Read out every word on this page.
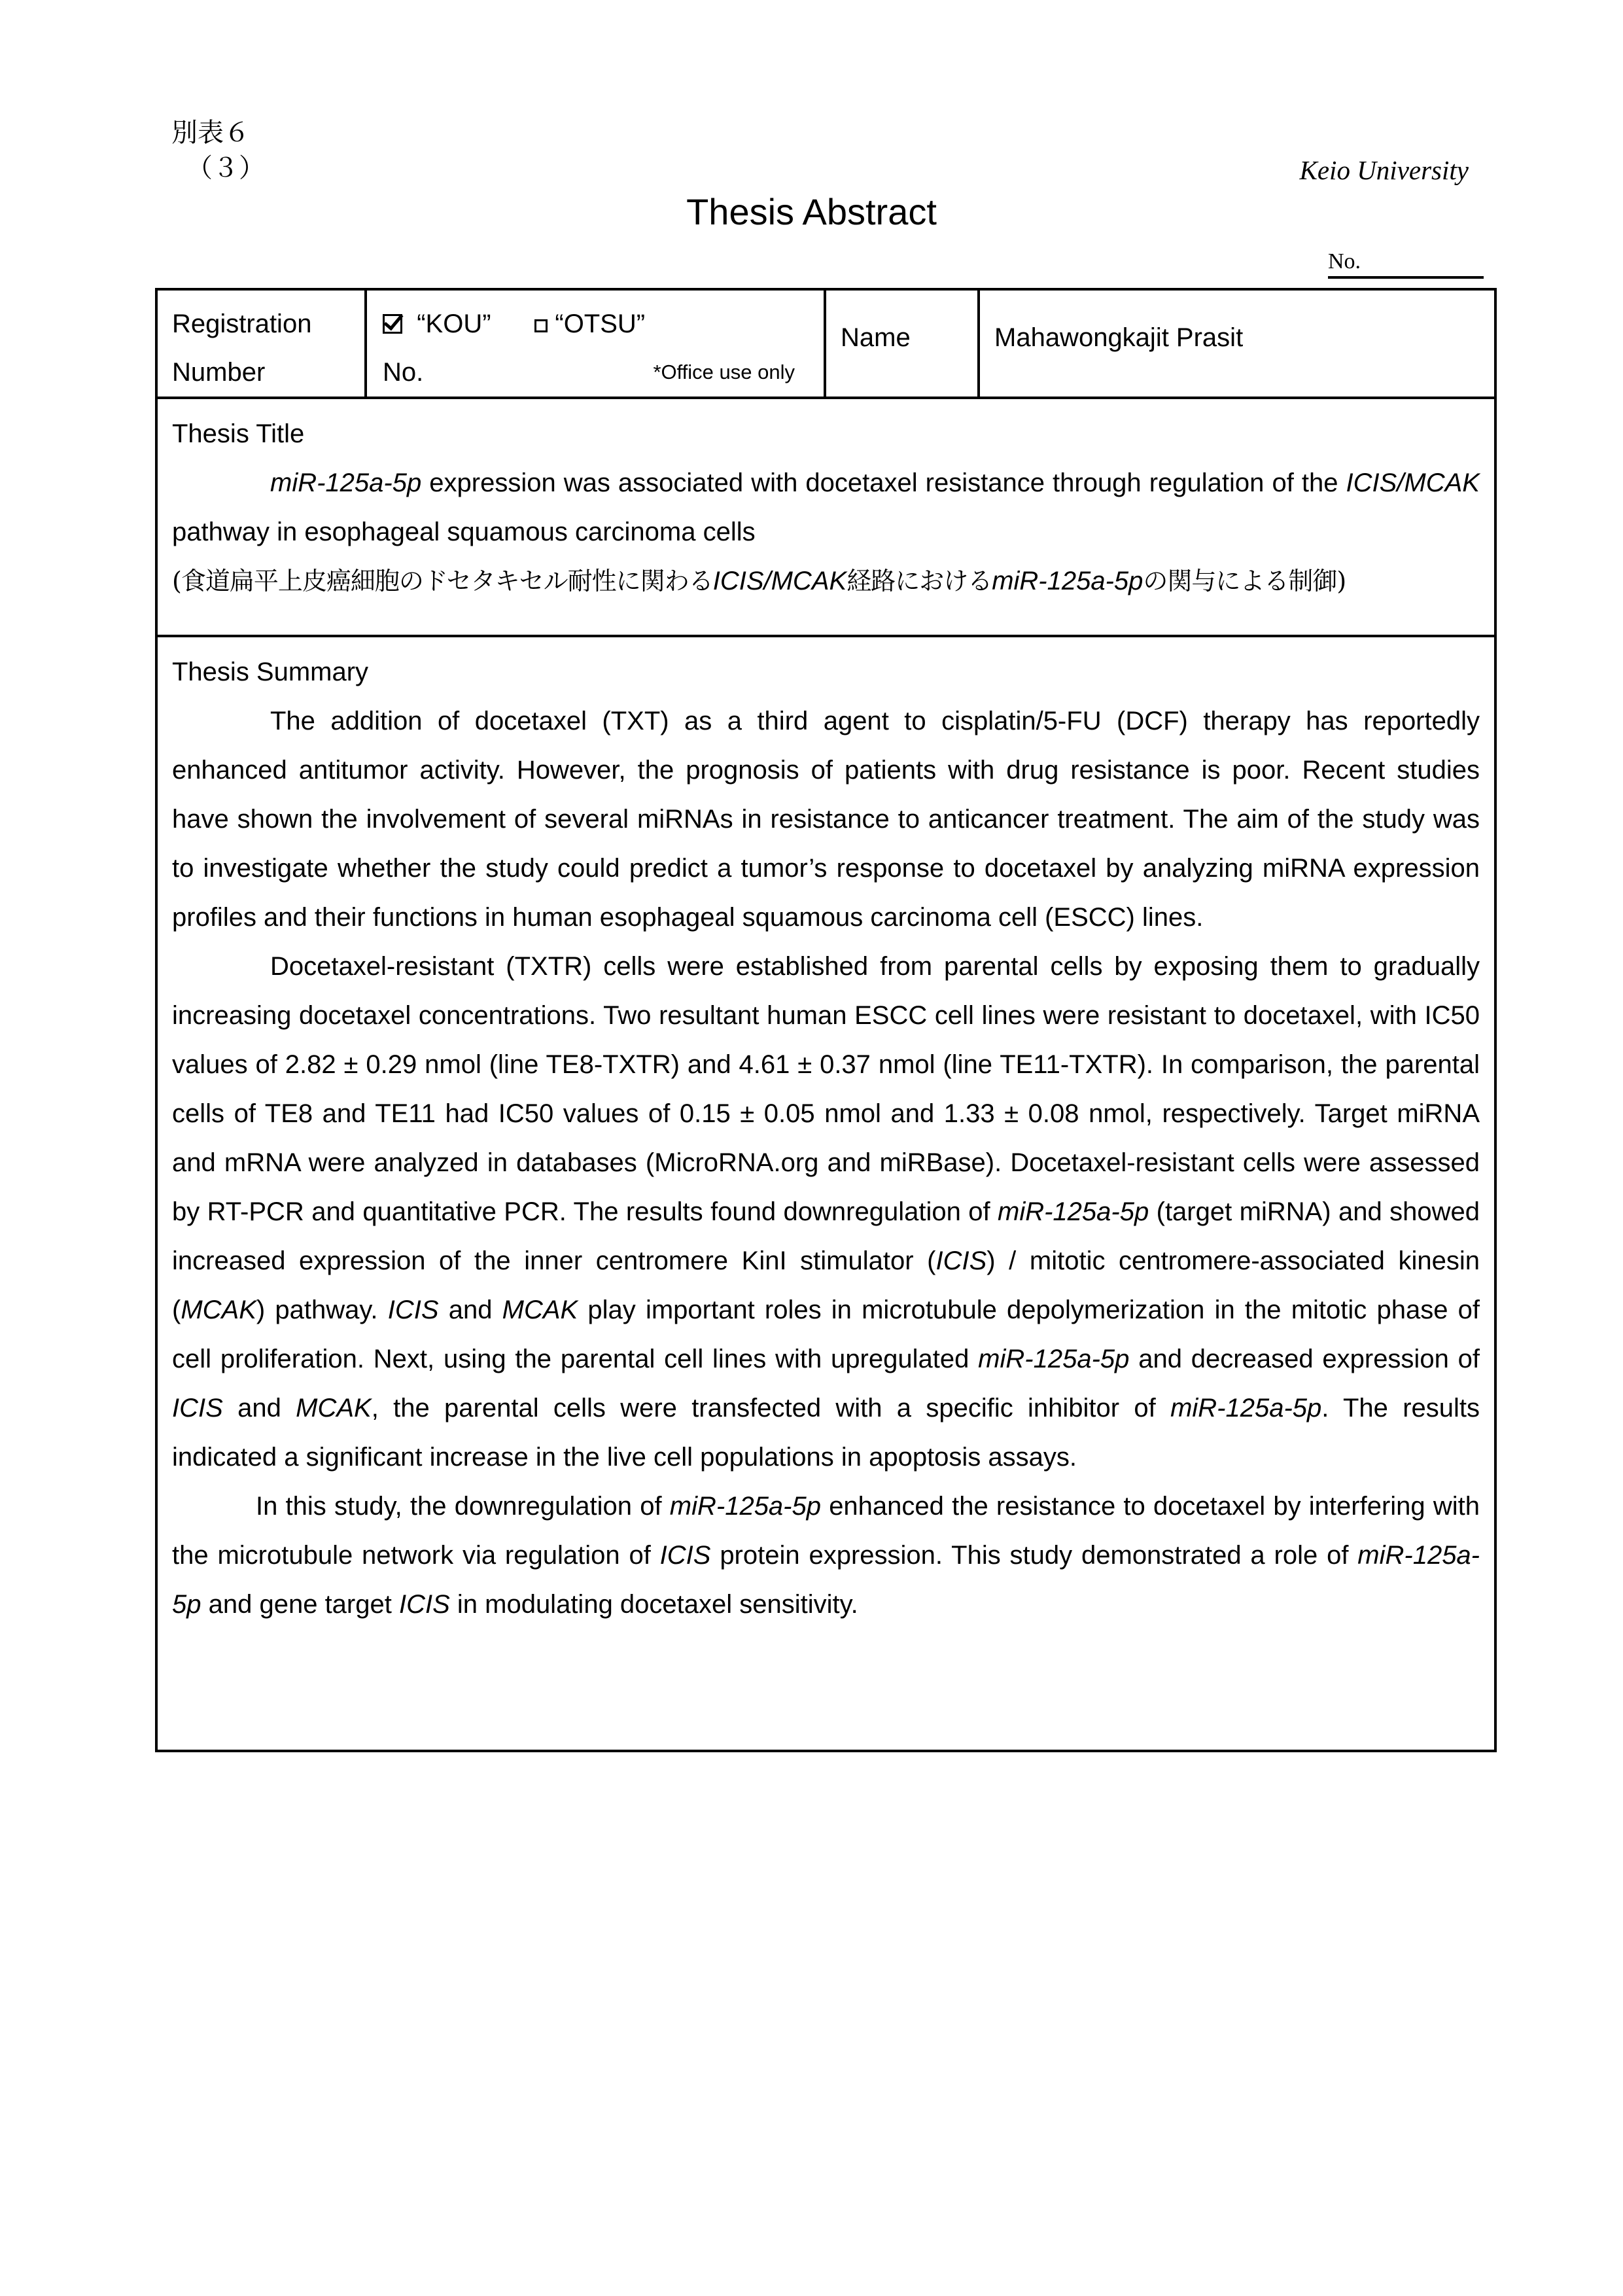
別表６
（３）	Keio University
Thesis Abstract
No.
Registration
Number

“KOU” “OTSU”
No.	*Office use only

Name	Mahawongkajit Prasit

Thesis Title
miR-125a-5p expression was associated with docetaxel resistance through regulation of the ICIS/MCAK pathway in esophageal squamous carcinoma cells
(食道扁平上皮癌細胞のドセタキセル耐性に関わるICIS/MCAK経路におけるmiR-125a-5pの関与による制御)

Thesis Summary
The addition of docetaxel (TXT) as a third agent to cisplatin/5-FU (DCF) therapy has reportedly enhanced antitumor activity. However, the prognosis of patients with drug resistance is poor. Recent studies have shown the involvement of several miRNAs in resistance to anticancer treatment. The aim of the study was to investigate whether the study could predict a tumor’s response to docetaxel by analyzing miRNA expression profiles and their functions in human esophageal squamous carcinoma cell (ESCC) lines.
Docetaxel-resistant (TXTR) cells were established from parental cells by exposing them to gradually increasing docetaxel concentrations. Two resultant human ESCC cell lines were resistant to docetaxel, with IC50 values of 2.82 ± 0.29 nmol (line TE8-TXTR) and 4.61 ± 0.37 nmol (line TE11-TXTR). In comparison, the parental cells of TE8 and TE11 had IC50 values of 0.15 ± 0.05 nmol and 1.33 ± 0.08 nmol, respectively. Target miRNA and mRNA were analyzed in databases (MicroRNA.org and miRBase). Docetaxel-resistant cells were assessed by RT-PCR and quantitative PCR. The results found downregulation of miR-125a-5p (target miRNA) and showed increased expression of the inner centromere KinI stimulator (ICIS) / mitotic centromere-associated kinesin (MCAK) pathway. ICIS and MCAK play important roles in microtubule depolymerization in the mitotic phase of cell proliferation. Next, using the parental cell lines with upregulated miR-125a-5p and decreased expression of ICIS and MCAK, the parental cells were transfected with a specific inhibitor of miR-125a-5p. The results indicated a significant increase in the live cell populations in apoptosis assays.
In this study, the downregulation of miR-125a-5p enhanced the resistance to docetaxel by interfering with the microtubule network via regulation of ICIS protein expression. This study demonstrated a role of miR-125a-5p and gene target ICIS in modulating docetaxel sensitivity.
